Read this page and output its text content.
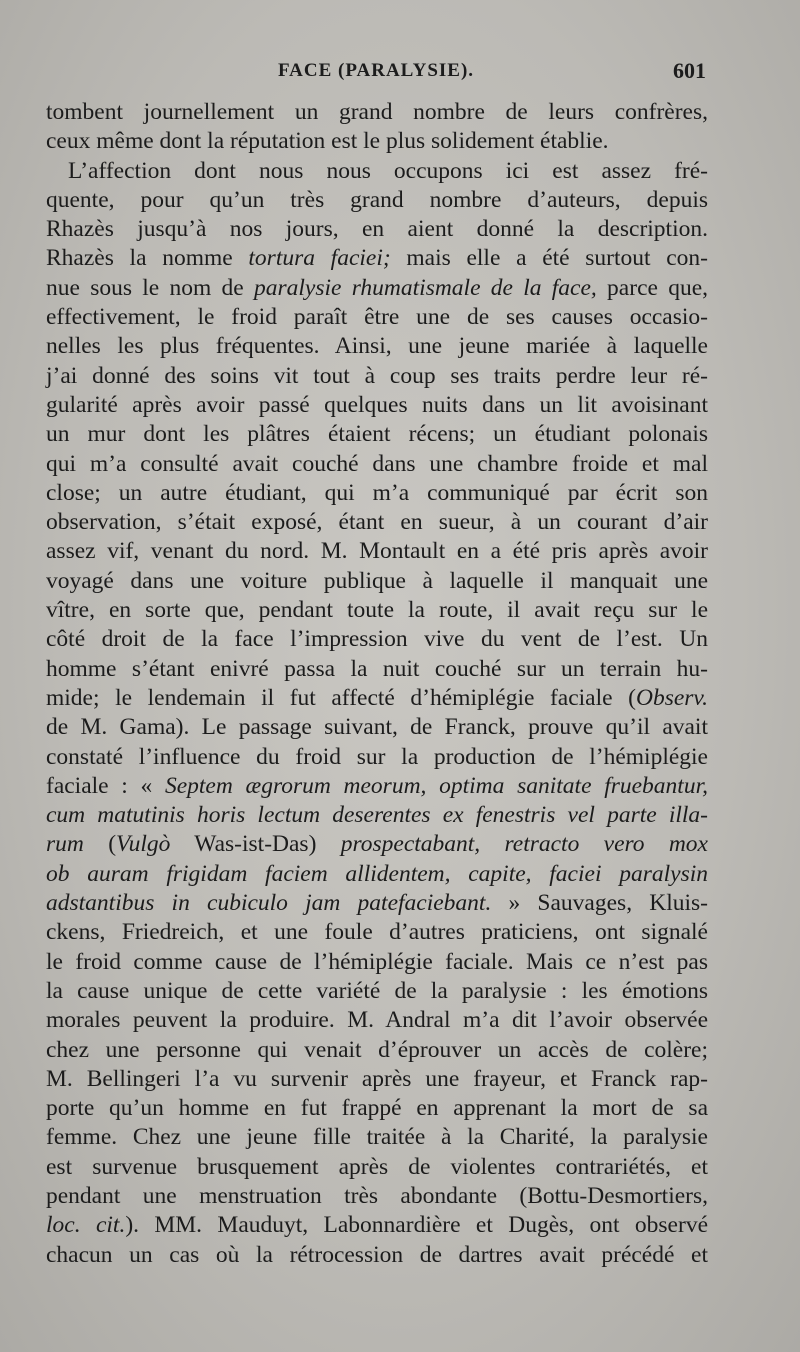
FACE (PARALYSIE).	601
tombent journellement un grand nombre de leurs confrères,
ceux même dont la réputation est le plus solidement établie.
L’affection dont nous nous occupons ici est assez fré-
quente, pour qu’un très grand nombre d’auteurs, depuis
Rhazès jusqu’à nos jours, en aient donné la description.
Rhazès la nomme tortura faciei; mais elle a été surtout con-
nue sous le nom de paralysie rhumatismale de la face, parce que,
effectivement, le froid paraît être une de ses causes occasio-
nelles les plus fréquentes. Ainsi, une jeune mariée à laquelle
j’ai donné des soins vit tout à coup ses traits perdre leur ré-
gularité après avoir passé quelques nuits dans un lit avoisinant
un mur dont les plâtres étaient récens; un étudiant polonais
qui m’a consulté avait couché dans une chambre froide et mal
close; un autre étudiant, qui m’a communiqué par écrit son
observation, s’était exposé, étant en sueur, à un courant d’air
assez vif, venant du nord. M. Montault en a été pris après avoir
voyagé dans une voiture publique à laquelle il manquait une
vître, en sorte que, pendant toute la route, il avait reçu sur le
côté droit de la face l’impression vive du vent de l’est. Un
homme s’étant enivré passa la nuit couché sur un terrain hu-
mide; le lendemain il fut affecté d’hémiplégie faciale (Observ.
de M. Gama). Le passage suivant, de Franck, prouve qu’il avait
constaté l’influence du froid sur la production de l’hémiplégie
faciale : « Septem ægrorum meorum, optima sanitate fruebantur,
cum matutinis horis lectum deserentes ex fenestris vel parte illa-
rum (Vulgò Was-ist-Das) prospectabant, retracto vero mox
ob auram frigidam faciem allidentem, capite, faciei paralysin
adstantibus in cubiculo jam patefaciebant. » Sauvages, Kluis-
ckens, Friedreich, et une foule d’autres praticiens, ont signalé
le froid comme cause de l’hémiplégie faciale. Mais ce n’est pas
la cause unique de cette variété de la paralysie : les émotions
morales peuvent la produire. M. Andral m’a dit l’avoir observée
chez une personne qui venait d’éprouver un accès de colère;
M. Bellingeri l’a vu survenir après une frayeur, et Franck rap-
porte qu’un homme en fut frappé en apprenant la mort de sa
femme. Chez une jeune fille traitée à la Charité, la paralysie
est survenue brusquement après de violentes contrariétés, et
pendant une menstruation très abondante (Bottu-Desmortiers,
loc. cit.). MM. Mauduyt, Labonnardière et Dugès, ont observé
chacun un cas où la rétrocession de dartres avait précédé et
